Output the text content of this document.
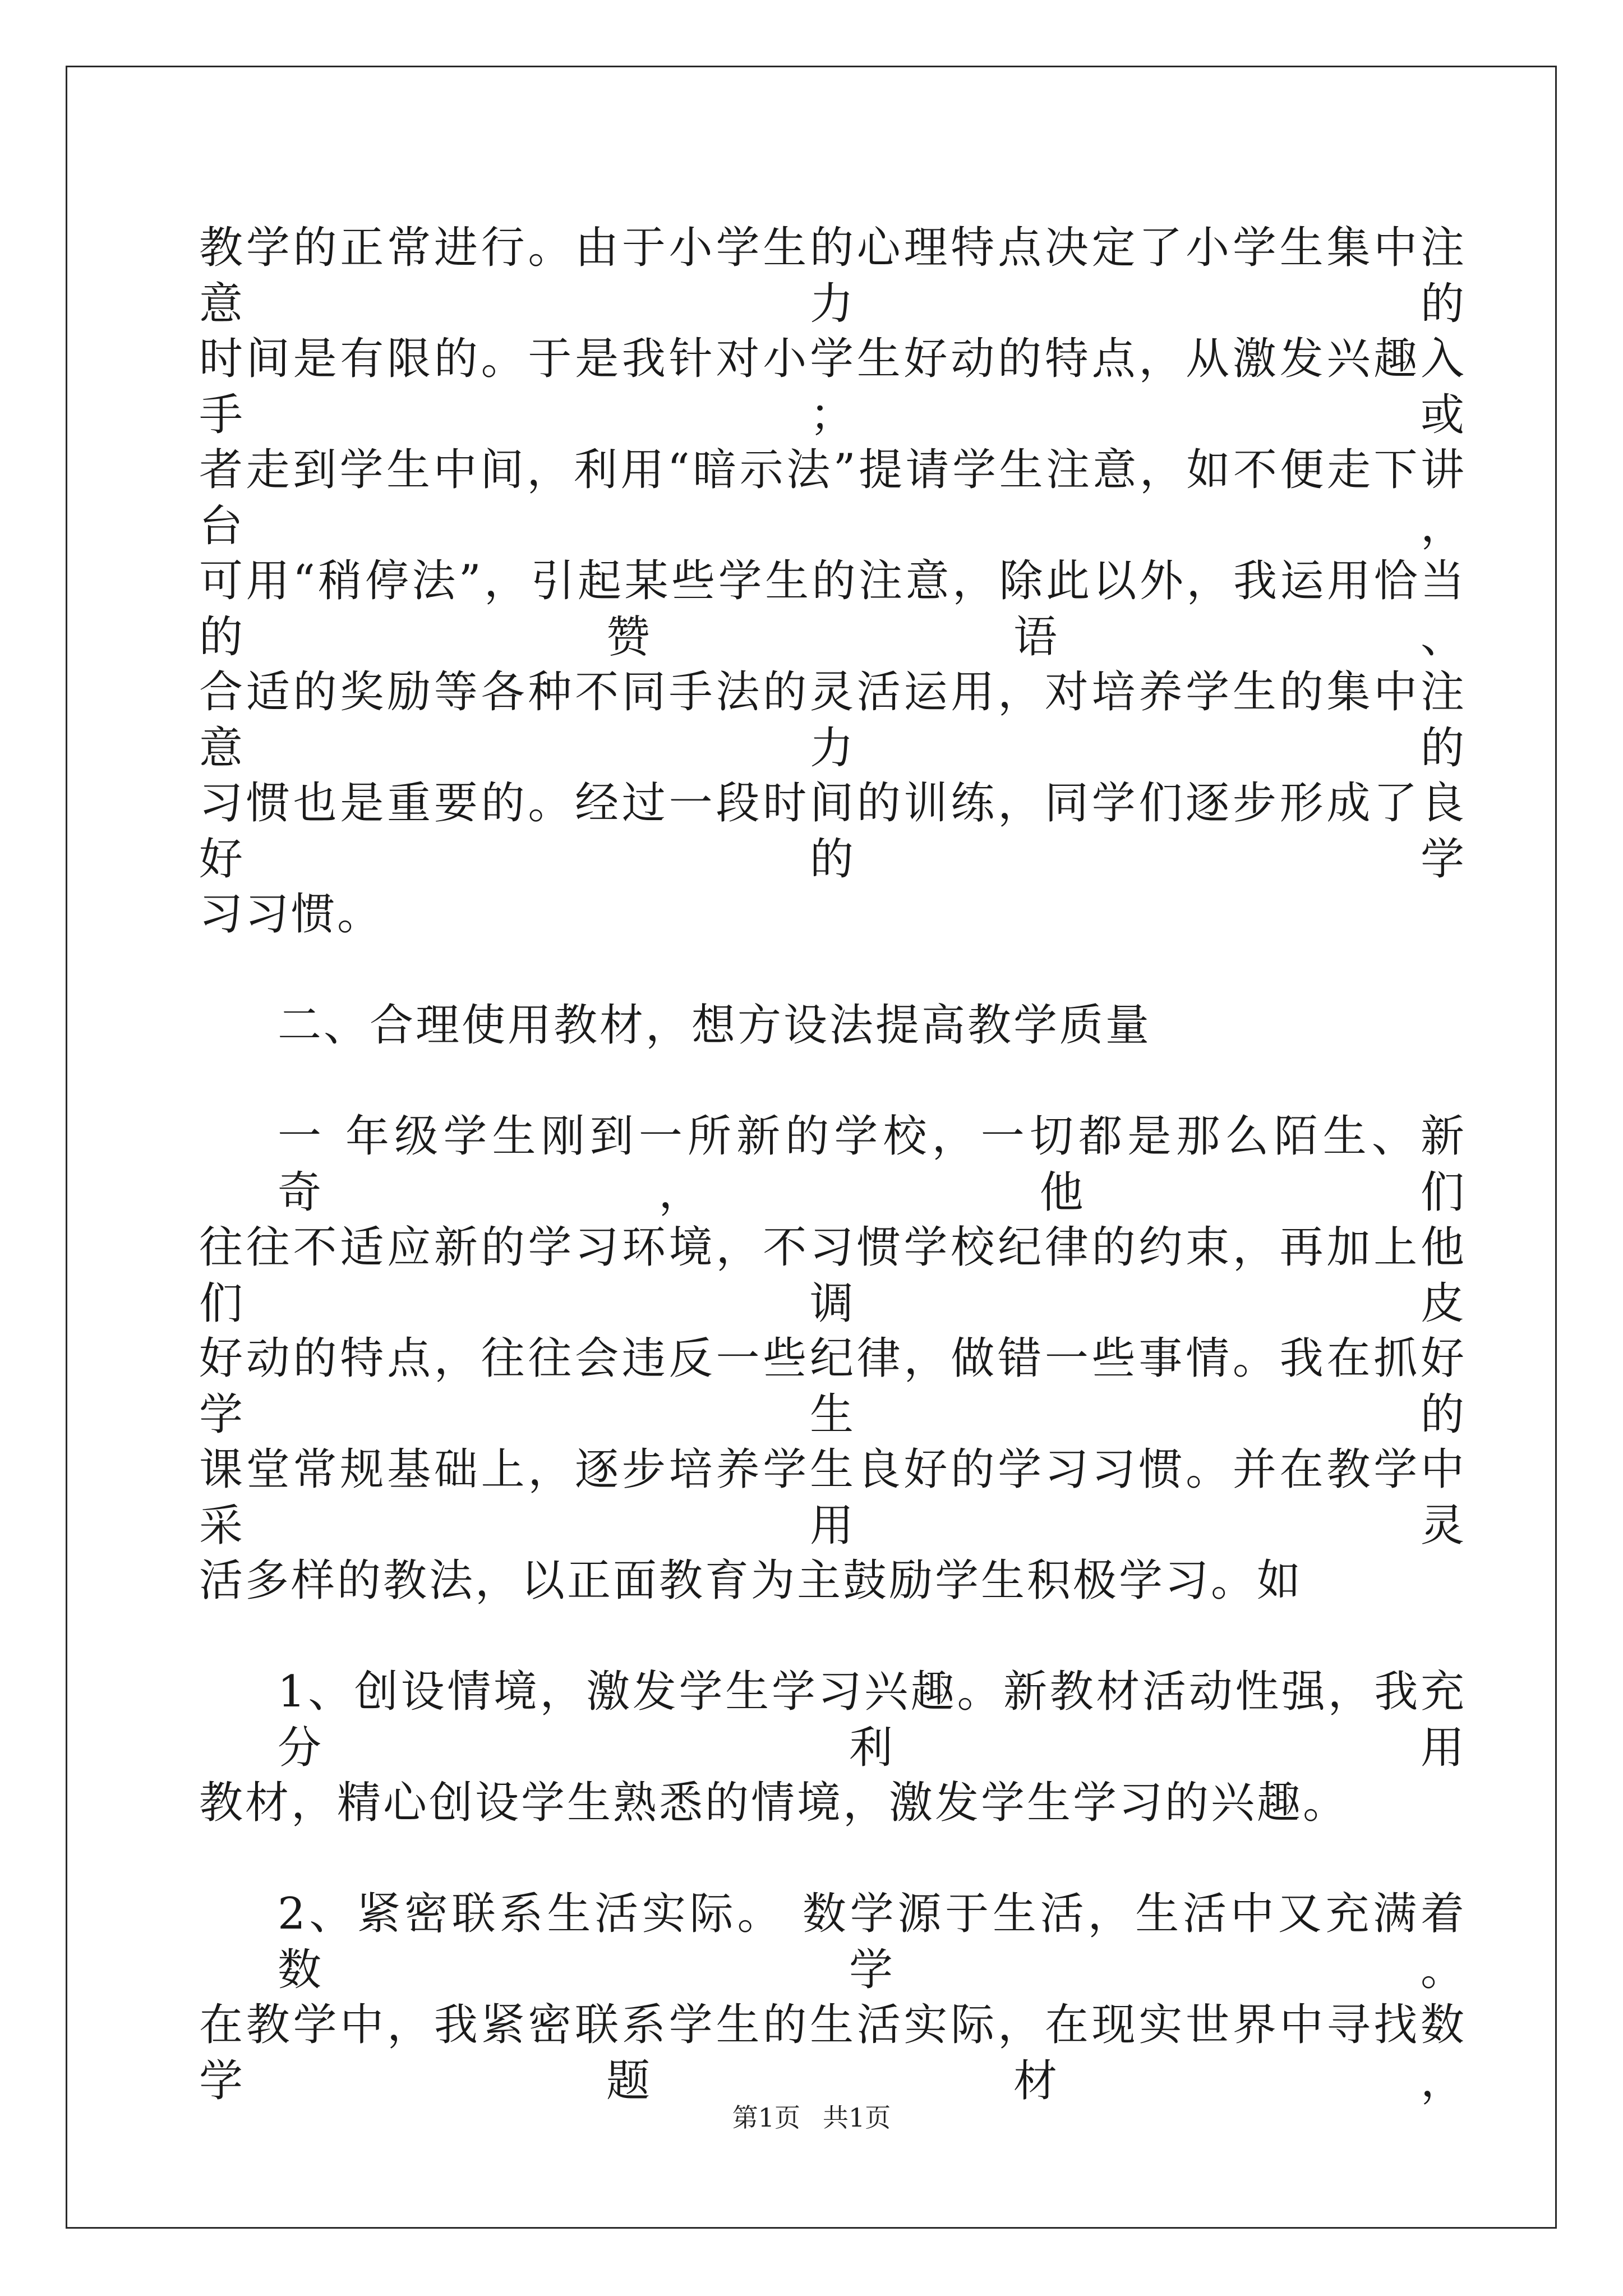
教学的正常进行。由于小学生的心理特点决定了小学生集中注意力的
时间是有限的。于是我针对小学生好动的特点，从激发兴趣入手；或
者走到学生中间，利用“暗示法”提请学生注意，如不便走下讲台，
可用“稍停法”，引起某些学生的注意，除此以外，我运用恰当的赞语、
合适的奖励等各种不同手法的灵活运用，对培养学生的集中注意力的
习惯也是重要的。经过一段时间的训练，同学们逐步形成了良好的学
习习惯。
二、合理使用教材，想方设法提高教学质量
一 年级学生刚到一所新的学校，一切都是那么陌生、新奇，他们
往往不适应新的学习环境，不习惯学校纪律的约束，再加上他们调皮
好动的特点，往往会违反一些纪律，做错一些事情。我在抓好学生的
课堂常规基础上，逐步培养学生良好的学习习惯。并在教学中采用灵
活多样的教法，以正面教育为主鼓励学生积极学习。如
1、创设情境，激发学生学习兴趣。新教材活动性强，我充分利用
教材，精心创设学生熟悉的情境，激发学生学习的兴趣。
2、紧密联系生活实际。 数学源于生活，生活中又充满着数学。
在教学中，我紧密联系学生的生活实际，在现实世界中寻找数学题材，
第1页 共1页
